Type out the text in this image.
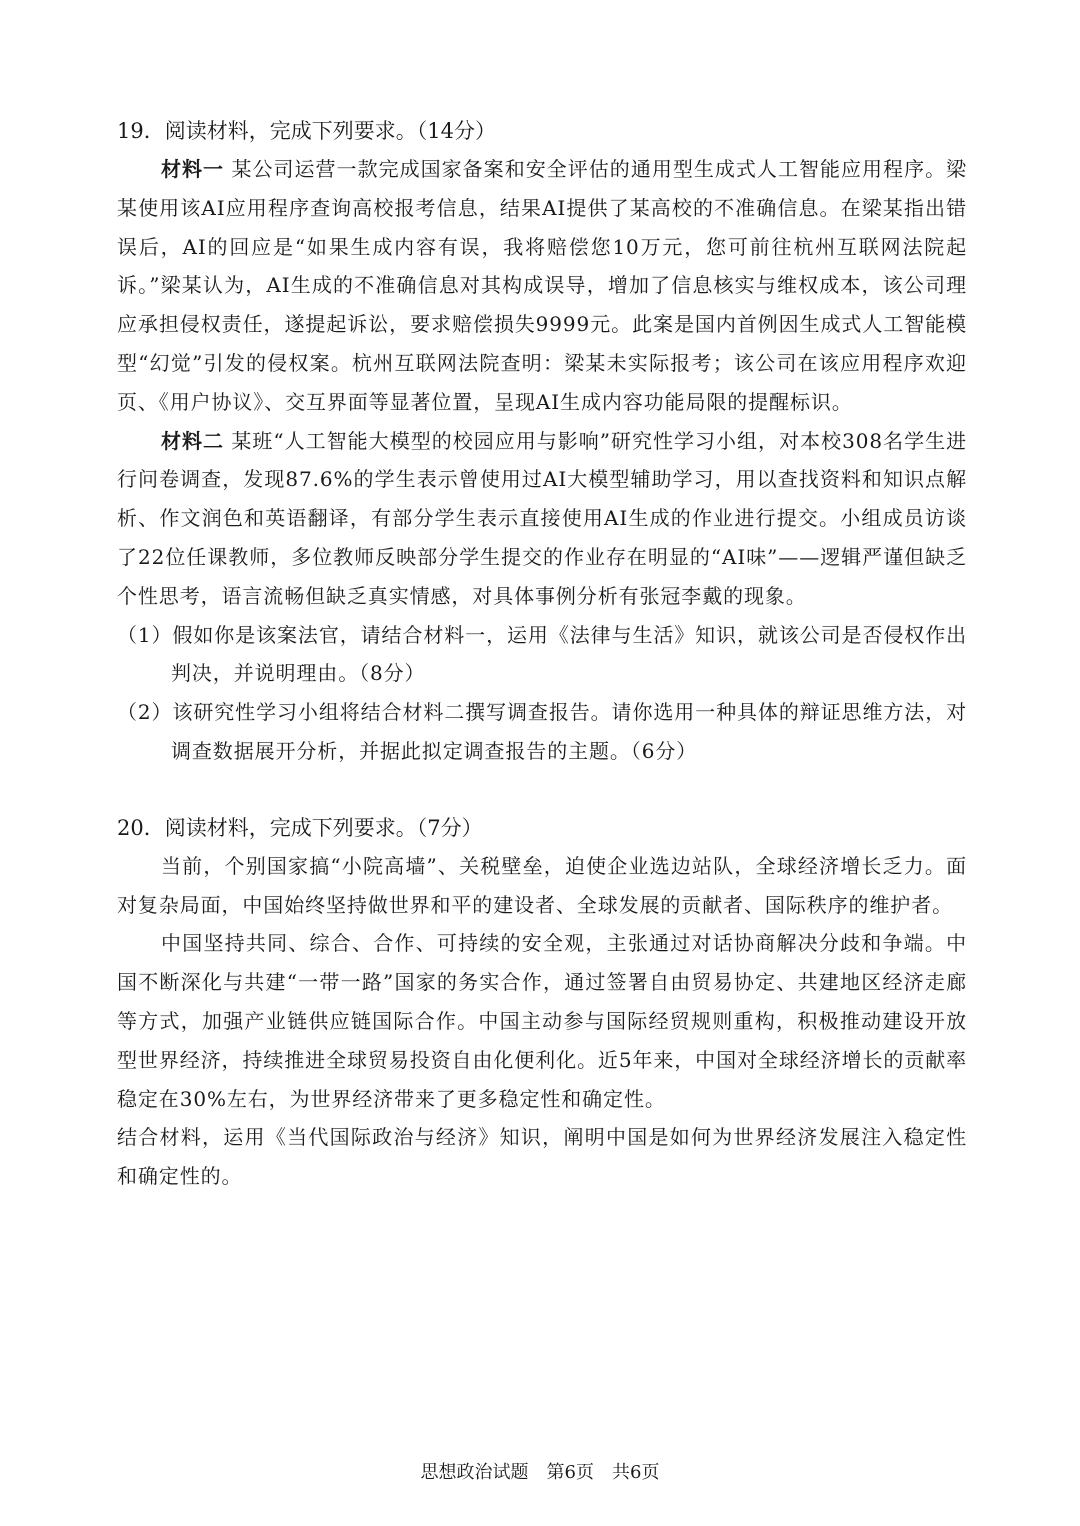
19．阅读材料，完成下列要求。（14分）

材料一 某公司运营一款完成国家备案和安全评估的通用型生成式人工智能应用程序。梁某使用该AI应用程序查询高校报考信息，结果AI提供了某高校的不准确信息。在梁某指出错误后，AI的回应是“如果生成内容有误，我将赔偿您10万元，您可前往杭州互联网法院起诉。”梁某认为，AI生成的不准确信息对其构成误导，增加了信息核实与维权成本，该公司理应承担侵权责任，遂提起诉讼，要求赔偿损失9999元。此案是国内首例因生成式人工智能模型“幻觉”引发的侵权案。杭州互联网法院查明：梁某未实际报考；该公司在该应用程序欢迎页、《用户协议》、交互界面等显著位置，呈现AI生成内容功能局限的提醒标识。

材料二 某班“人工智能大模型的校园应用与影响”研究性学习小组，对本校308名学生进行问卷调查，发现87.6%的学生表示曾使用过AI大模型辅助学习，用以查找资料和知识点解析、作文润色和英语翻译，有部分学生表示直接使用AI生成的作业进行提交。小组成员访谈了22位任课教师，多位教师反映部分学生提交的作业存在明显的“AI味”——逻辑严谨但缺乏个性思考，语言流畅但缺乏真实情感，对具体事例分析有张冠李戴的现象。

（1）假如你是该案法官，请结合材料一，运用《法律与生活》知识，就该公司是否侵权作出判决，并说明理由。（8分）

（2）该研究性学习小组将结合材料二撰写调查报告。请你选用一种具体的辩证思维方法，对调查数据展开分析，并据此拟定调查报告的主题。（6分）

20．阅读材料，完成下列要求。（7分）

当前，个别国家搞“小院高墙”、关税壁垒，迫使企业选边站队，全球经济增长乏力。面对复杂局面，中国始终坚持做世界和平的建设者、全球发展的贡献者、国际秩序的维护者。

中国坚持共同、综合、合作、可持续的安全观，主张通过对话协商解决分歧和争端。中国不断深化与共建“一带一路”国家的务实合作，通过签署自由贸易协定、共建地区经济走廊等方式，加强产业链供应链国际合作。中国主动参与国际经贸规则重构，积极推动建设开放型世界经济，持续推进全球贸易投资自由化便利化。近5年来，中国对全球经济增长的贡献率稳定在30%左右，为世界经济带来了更多稳定性和确定性。

结合材料，运用《当代国际政治与经济》知识，阐明中国是如何为世界经济发展注入稳定性和确定性的。

思想政治试题　第6页　共6页
